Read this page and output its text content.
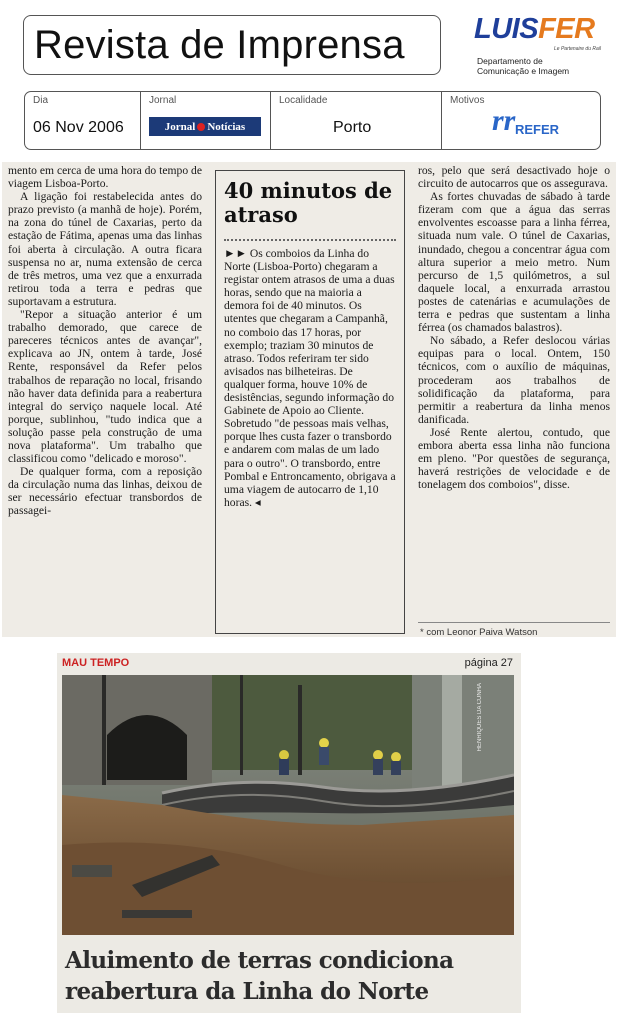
Revista de Imprensa LUISFER
Le Partenaire du Rail
Departamento de
Comunicação e Imagem
Dia
06 Nov 2006
Jornal
Jornal Notícias
Localidade
Porto
Motivos
rr REFER

mento em cerca de uma hora do tempo de viagem Lisboa-Porto.

A ligação foi restabelecida antes do prazo previsto (a manhã de hoje). Porém, na zona do túnel de Caxarias, perto da estação de Fátima, apenas uma das linhas foi aberta à circulação. A outra ficara suspensa no ar, numa extensão de cerca de três metros, uma vez que a enxurrada retirou toda a terra e pedras que suportavam a estrutura.

"Repor a situação anterior é um trabalho demorado, que carece de pareceres técnicos antes de avançar", explicava ao JN, ontem à tarde, José Rente, responsável da Refer pelos trabalhos de reparação no local, frisando não haver data definida para a reabertura integral do serviço naquele local. Até porque, sublinhou, "tudo indica que a solução passe pela construção de uma nova plataforma". Um trabalho que classificou como "delicado e moroso".

De qualquer forma, com a reposição da circulação numa das linhas, deixou de ser necessário efectuar transbordos de passagei-

40 minutos de atraso
►► Os comboios da Linha do Norte (Lisboa-Porto) chegaram a registar ontem atrasos de uma a duas horas, sendo que na maioria a demora foi de 40 minutos. Os utentes que chegaram a Campanhã, no comboio das 17 horas, por exemplo; traziam 30 minutos de atraso. Todos referiram ter sido avisados nas bilheteiras. De qualquer forma, houve 10% de desistências, segundo informação do Gabinete de Apoio ao Cliente. Sobretudo "de pessoas mais velhas, porque lhes custa fazer o transbordo e andarem com malas de um lado para o outro". O transbordo, entre Pombal e Entroncamento, obrigava a uma viagem de autocarro de 1,10 horas. ◂

ros, pelo que será desactivado hoje o circuito de autocarros que os assegurava.

As fortes chuvadas de sábado à tarde fizeram com que a água das serras envolventes escoasse para a linha férrea, situada num vale. O túnel de Caxarias, inundado, chegou a concentrar água com altura superior a meio metro. Num percurso de 1,5 quilómetros, a sul daquele local, a enxurrada arrastou postes de catenárias e acumulações de terra e pedras que sustentam a linha férrea (os chamados balastros).

No sábado, a Refer deslocou várias equipas para o local. Ontem, 150 técnicos, com o auxílio de máquinas, procederam aos trabalhos de solidificação da plataforma, para permitir a reabertura da linha menos danificada.

José Rente alertou, contudo, que embora aberta essa linha não funciona em pleno. "Por questões de segurança, haverá restrições de velocidade e de tonelagem dos comboios", disse.

* com Leonor Paiva Watson
MAU TEMPO	página 27
HENRIQUES DA CUNHA
Aluimento de terras condiciona reabertura da Linha do Norte
